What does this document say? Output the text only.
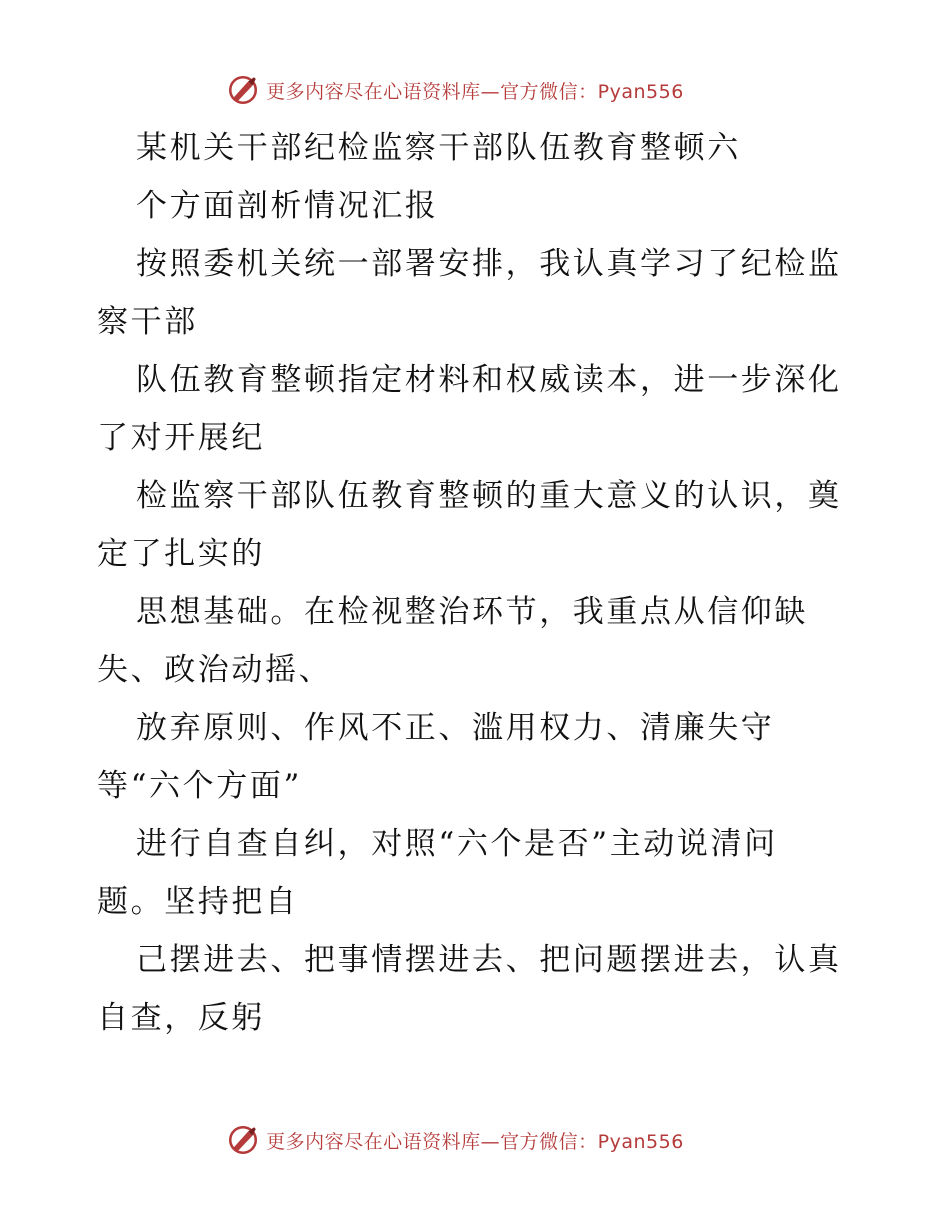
更多内容尽在心语资料库—官方微信：Pyan556
某机关干部纪检监察干部队伍教育整顿六
个方面剖析情况汇报
按照委机关统一部署安排，我认真学习了纪检监
察干部
队伍教育整顿指定材料和权威读本，进一步深化
了对开展纪
检监察干部队伍教育整顿的重大意义的认识，奠
定了扎实的
思想基础。在检视整治环节，我重点从信仰缺
失、政治动摇、
放弃原则、作风不正、滥用权力、清廉失守
等“六个方面”
进行自查自纠，对照“六个是否”主动说清问
题。坚持把自
己摆进去、把事情摆进去、把问题摆进去，认真
自查，反躬
更多内容尽在心语资料库—官方微信：Pyan556
